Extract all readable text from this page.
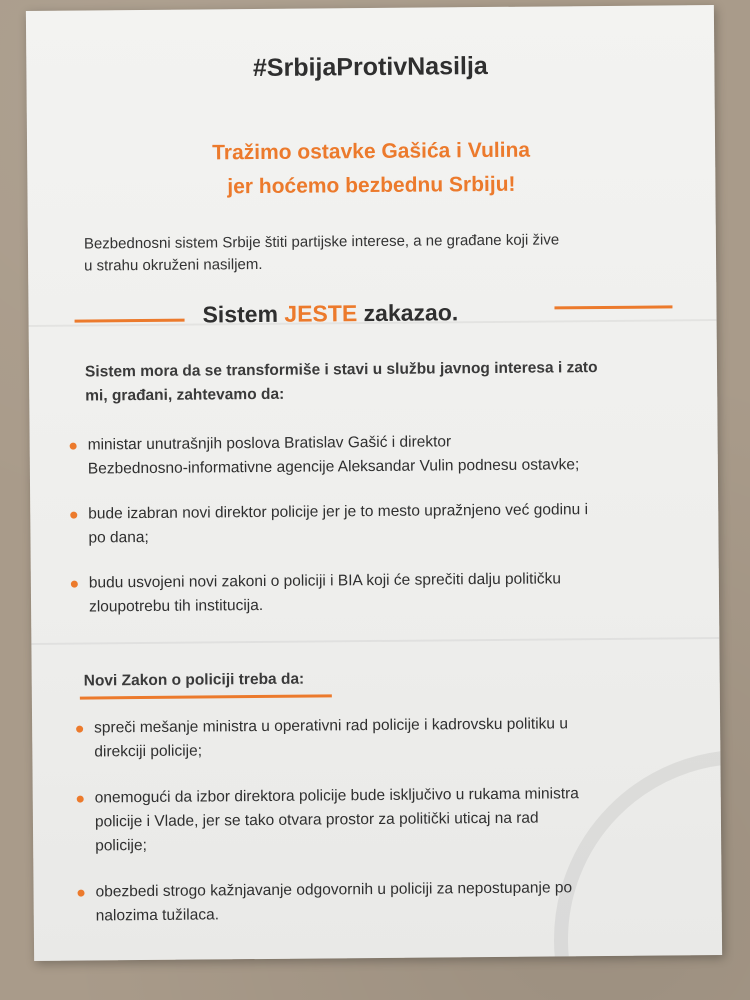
#SrbijaProtivNasilja
Tražimo ostavke Gašića i Vulina
jer hoćemo bezbednu Srbiju!
Bezbednosni sistem Srbije štiti partijske interese, a ne građane koji žive
u strahu okruženi nasiljem.
Sistem JESTE zakazao.
Sistem mora da se transformiše i stavi u službu javnog interesa i zato
mi, građani, zahtevamo da:
ministar unutrašnjih poslova Bratislav Gašić i direktor
Bezbednosno-informativne agencije Aleksandar Vulin podnesu ostavke;
bude izabran novi direktor policije jer je to mesto upražnjeno već godinu i
po dana;
budu usvojeni novi zakoni o policiji i BIA koji će sprečiti dalju političku
zloupotrebu tih institucija.
Novi Zakon o policiji treba da:
spreči mešanje ministra u operativni rad policije i kadrovsku politiku u
direkciji policije;
onemogući da izbor direktora policije bude isključivo u rukama ministra
policije i Vlade, jer se tako otvara prostor za politički uticaj na rad
policije;
obezbedi strogo kažnjavanje odgovornih u policiji za nepostupanje po
nalozima tužilaca.
